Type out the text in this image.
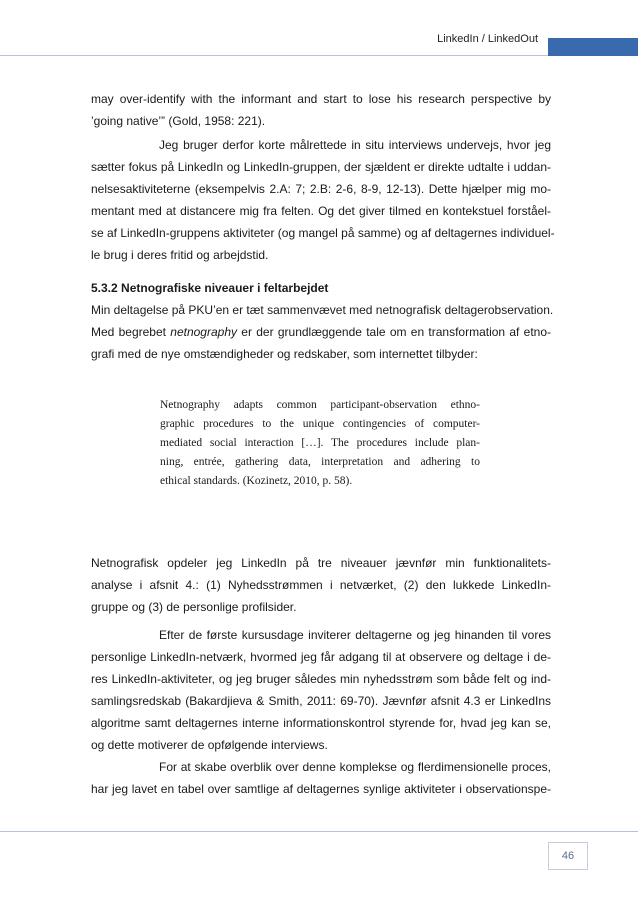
LinkedIn / LinkedOut
may over-identify with the informant and start to lose his research perspective by
’going native’” (Gold, 1958: 221).
Jeg bruger derfor korte målrettede in situ interviews undervejs, hvor jeg
sætter fokus på LinkedIn og LinkedIn-gruppen, der sjældent er direkte udtalte i uddan-
nelsesaktiviteterne (eksempelvis 2.A: 7; 2.B: 2-6, 8-9, 12-13). Dette hjælper mig mo-
mentant med at distancere mig fra felten. Og det giver tilmed en kontekstuel forståel-
se af LinkedIn-gruppens aktiviteter (og mangel på samme) og af deltagernes individuel-
le brug i deres fritid og arbejdstid.
5.3.2 Netnografiske niveauer i feltarbejdet
Min deltagelse på PKU’en er tæt sammenvævet med netnografisk deltagerobservation.
Med begrebet netnography er der grundlæggende tale om en transformation af etno-
grafi med de nye omstændigheder og redskaber, som internettet tilbyder:
Netnography adapts common participant-observation ethno-
graphic procedures to the unique contingencies of computer-
mediated social interaction […]. The procedures include plan-
ning, entrée, gathering data, interpretation and adhering to
ethical standards. (Kozinetz, 2010, p. 58).
Netnografisk opdeler jeg LinkedIn på tre niveauer jævnfør min funktionalitets-
analyse i afsnit 4.: (1) Nyhedsstrømmen i netværket, (2) den lukkede LinkedIn-
gruppe og (3) de personlige profilsider.
Efter de første kursusdage inviterer deltagerne og jeg hinanden til vores
personlige LinkedIn-netværk, hvormed jeg får adgang til at observere og deltage i de-
res LinkedIn-aktiviteter, og jeg bruger således min nyhedsstrøm som både felt og ind-
samlingsredskab (Bakardjieva & Smith, 2011: 69-70). Jævnfør afsnit 4.3 er LinkedIns
algoritme samt deltagernes interne informationskontrol styrende for, hvad jeg kan se,
og dette motiverer de opfølgende interviews.
For at skabe overblik over denne komplekse og flerdimensionelle proces,
har jeg lavet en tabel over samtlige af deltagernes synlige aktiviteter i observationspe-
46
